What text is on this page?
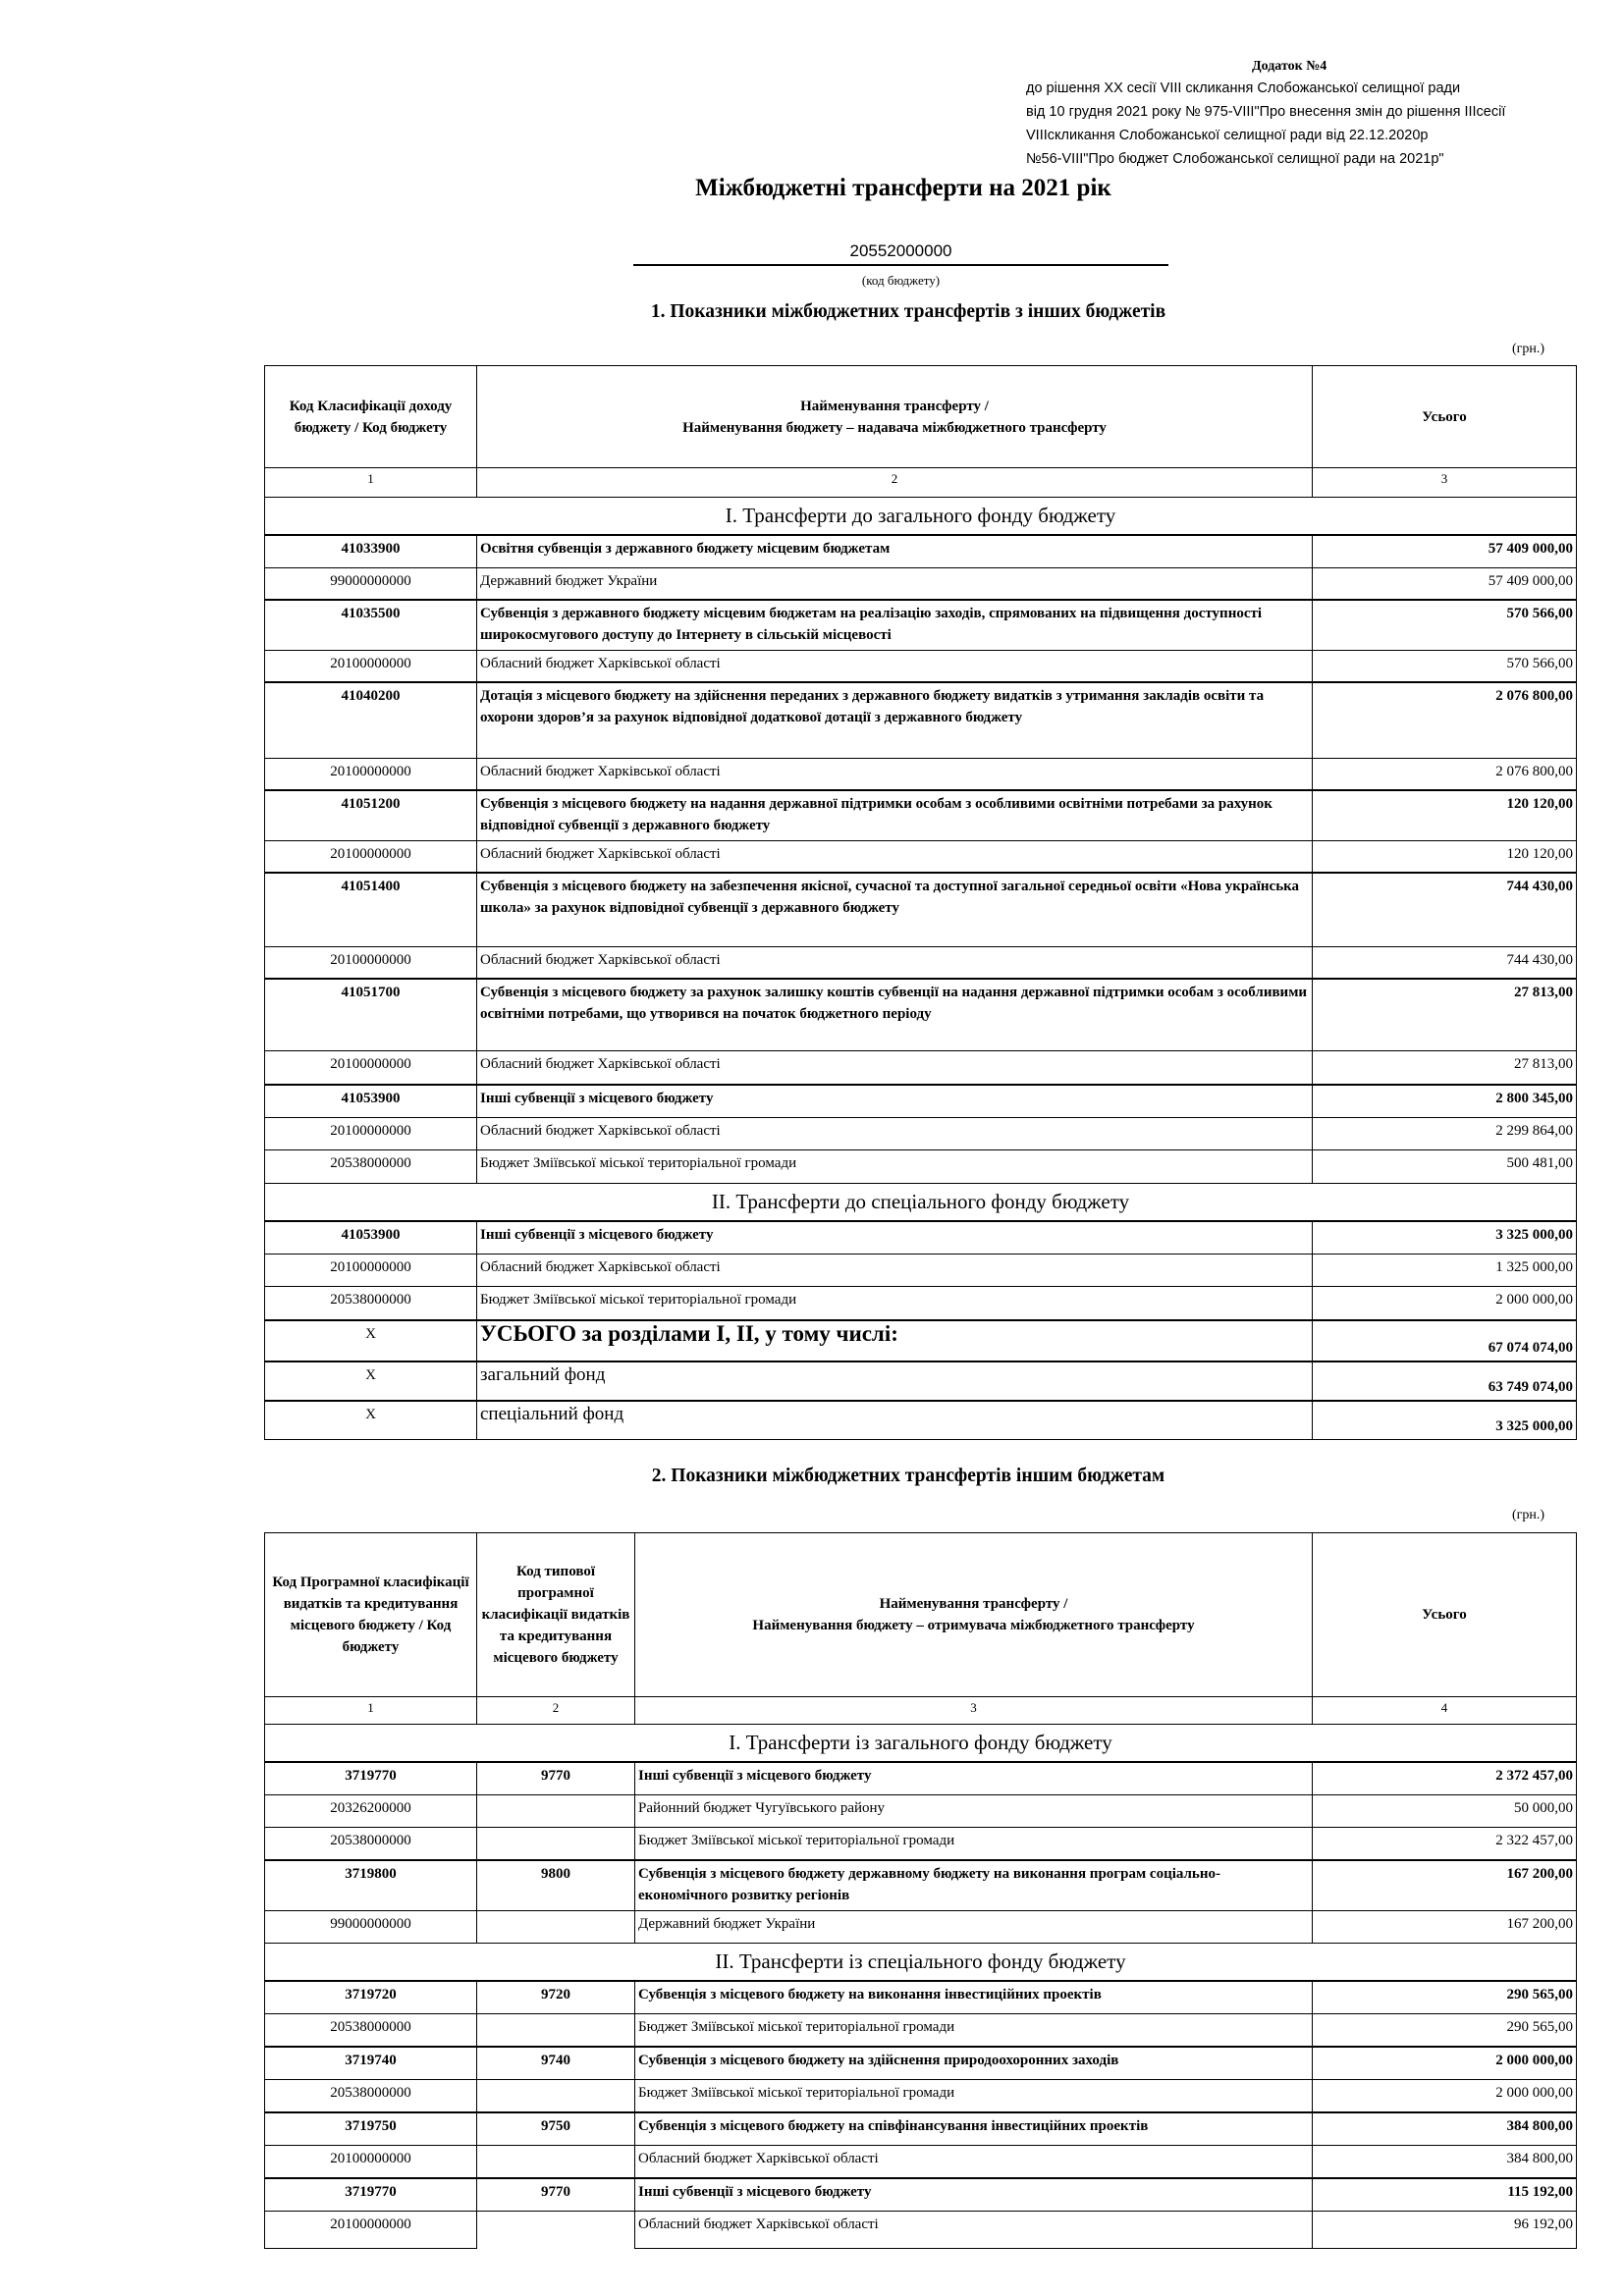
Додаток №4
до рішення XX сесії VIII скликання Слобожанської селищної ради
від 10 грудня 2021 року № 975-VIII"Про внесення змін до рішення IIIсесії
VIIIскликання Слобожанської селищної ради від 22.12.2020р
№56-VIII"Про бюджет Слобожанської селищної ради на 2021р"
Міжбюджетні трансферти на 2021 рік
20552000000
(код бюджету)
1. Показники міжбюджетних трансфертів з інших бюджетів
(грн.)
Код Класифікації доходу бюджету / Код бюджету	Найменування трансферту /
Найменування бюджету – надавача міжбюджетного трансферту	Усього
1	2	3
I. Трансферти до загального фонду бюджету		
41033900	Освітня субвенція з державного бюджету місцевим бюджетам	57 409 000,00
99000000000	Державний бюджет України	57 409 000,00
41035500	Субвенція з державного бюджету місцевим бюджетам на реалізацію заходів, спрямованих на підвищення доступності широкосмугового доступу до Інтернету в сільській місцевості	570 566,00
20100000000	Обласний бюджет Харківської області	570 566,00
41040200	Дотація з місцевого бюджету на здійснення переданих з державного бюджету видатків з утримання закладів освіти та охорони здоров’я за рахунок відповідної додаткової дотації з державного бюджету	2 076 800,00
20100000000	Обласний бюджет Харківської області	2 076 800,00
41051200	Субвенція з місцевого бюджету на надання державної підтримки особам з особливими освітніми потребами за рахунок відповідної субвенції з державного бюджету	120 120,00
20100000000	Обласний бюджет Харківської області	120 120,00
41051400	Субвенція з місцевого бюджету на забезпечення якісної, сучасної та доступної загальної середньої освіти «Нова українська школа» за рахунок відповідної субвенції з державного бюджету	744 430,00
20100000000	Обласний бюджет Харківської області	744 430,00
41051700	Субвенція з місцевого бюджету за рахунок залишку коштів субвенції на надання державної підтримки особам з особливими освітніми потребами, що утворився на початок бюджетного періоду	27 813,00
20100000000	Обласний бюджет Харківської області	27 813,00
41053900	Інші субвенції з місцевого бюджету	2 800 345,00
20100000000	Обласний бюджет Харківської області	2 299 864,00
20538000000	Бюджет Зміївської міської територіальної громади	500 481,00
II. Трансферти до спеціального фонду бюджету		
41053900	Інші субвенції з місцевого бюджету	3 325 000,00
20100000000	Обласний бюджет Харківської області	1 325 000,00
20538000000	Бюджет Зміївської міської територіальної громади	2 000 000,00
X	УСЬОГО за розділами I, II, у тому числі:	67 074 074,00
X	загальний фонд	63 749 074,00
X	спеціальний фонд	3 325 000,00
2. Показники міжбюджетних трансфертів іншим бюджетам
(грн.)
Код Програмної класифікації видатків та кредитування місцевого бюджету / Код бюджету	Код типової програмної класифікації видатків та кредитування місцевого бюджету	Найменування трансферту /
Найменування бюджету – отримувача міжбюджетного трансферту	Усього
1	2	3	4
I. Трансферти із загального фонду бюджету			
3719770	9770	Інші субвенції з місцевого бюджету	2 372 457,00
20326200000		Районний бюджет Чугуївського району	50 000,00
20538000000		Бюджет Зміївської міської територіальної громади	2 322 457,00
3719800	9800	Субвенція з місцевого бюджету державному бюджету на виконання програм соціально-економічного розвитку регіонів	167 200,00
99000000000		Державний бюджет України	167 200,00
II. Трансферти із спеціального фонду бюджету			
3719720	9720	Субвенція з місцевого бюджету на виконання інвестиційних проектів	290 565,00
20538000000		Бюджет Зміївської міської територіальної громади	290 565,00
3719740	9740	Субвенція з місцевого бюджету на здійснення природоохоронних заходів	2 000 000,00
20538000000		Бюджет Зміївської міської територіальної громади	2 000 000,00
3719750	9750	Субвенція з місцевого бюджету на співфінансування інвестиційних проектів	384 800,00
20100000000		Обласний бюджет Харківської області	384 800,00
3719770	9770	Інші субвенції з місцевого бюджету	115 192,00
20100000000		Обласний бюджет Харківської області	96 192,00
